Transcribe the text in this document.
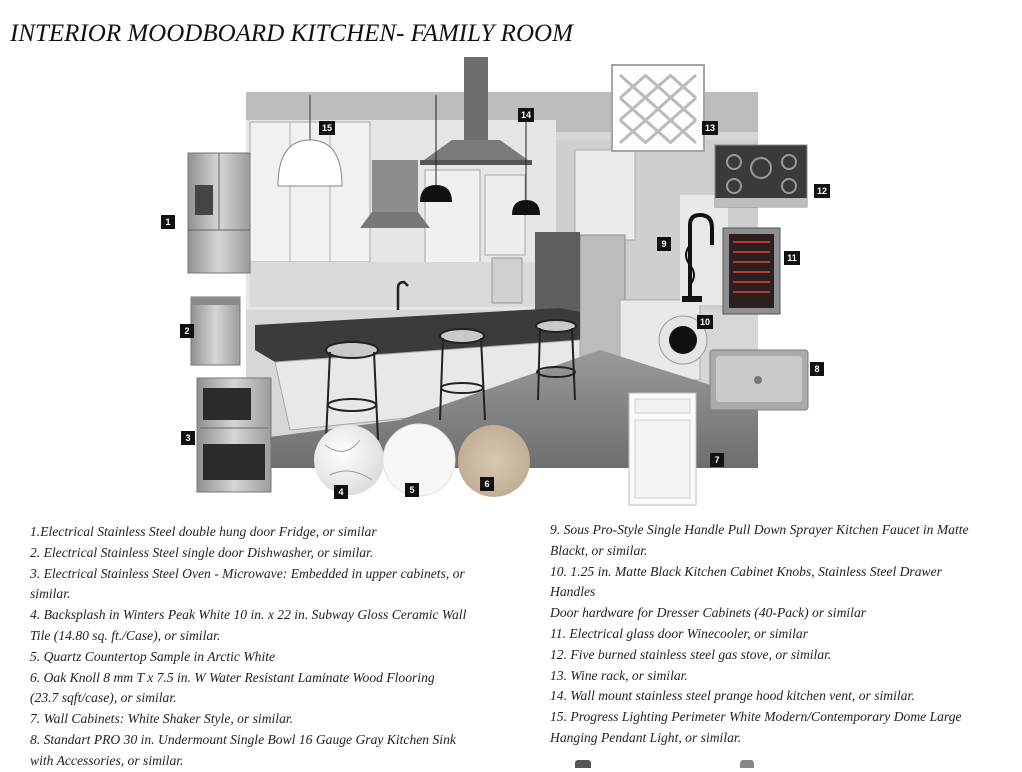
INTERIOR MOODBOARD KITCHEN- FAMILY ROOM
1
2
3
4	5
6
7
8
9
10
11
12
13
14
15

1.Electrical Stainless Steel double hung door Fridge, or similar

2. Electrical Stainless Steel single door Dishwasher, or similar.

3. Electrical Stainless Steel Oven - Microwave: Embedded in upper cabinets, or

similar.

4. Backsplash in Winters Peak White 10 in. x 22 in. Subway Gloss Ceramic Wall

Tile (14.80 sq. ft./Case), or similar.

5. Quartz Countertop Sample in Arctic White

6. Oak Knoll 8 mm T x 7.5 in. W Water Resistant Laminate Wood Flooring

(23.7 sqft/case), or similar.

7. Wall Cabinets: White Shaker Style, or similar.

8. Standart PRO 30 in. Undermount Single Bowl 16 Gauge Gray Kitchen Sink

with Accessories, or similar.

9. Sous Pro-Style Single Handle Pull Down Sprayer Kitchen Faucet in Matte

Blackt, or similar.

10. 1.25 in. Matte Black Kitchen Cabinet Knobs, Stainless Steel Drawer

Handles

Door hardware for Dresser Cabinets (40-Pack) or similar

11. Electrical glass door Winecooler, or similar

12. Five burned stainless steel gas stove, or similar.

13. Wine rack, or similar.

14. Wall mount stainless steel prange hood kitchen vent, or similar.

15. Progress Lighting Perimeter White Modern/Contemporary Dome Large

Hanging Pendant Light, or similar.
